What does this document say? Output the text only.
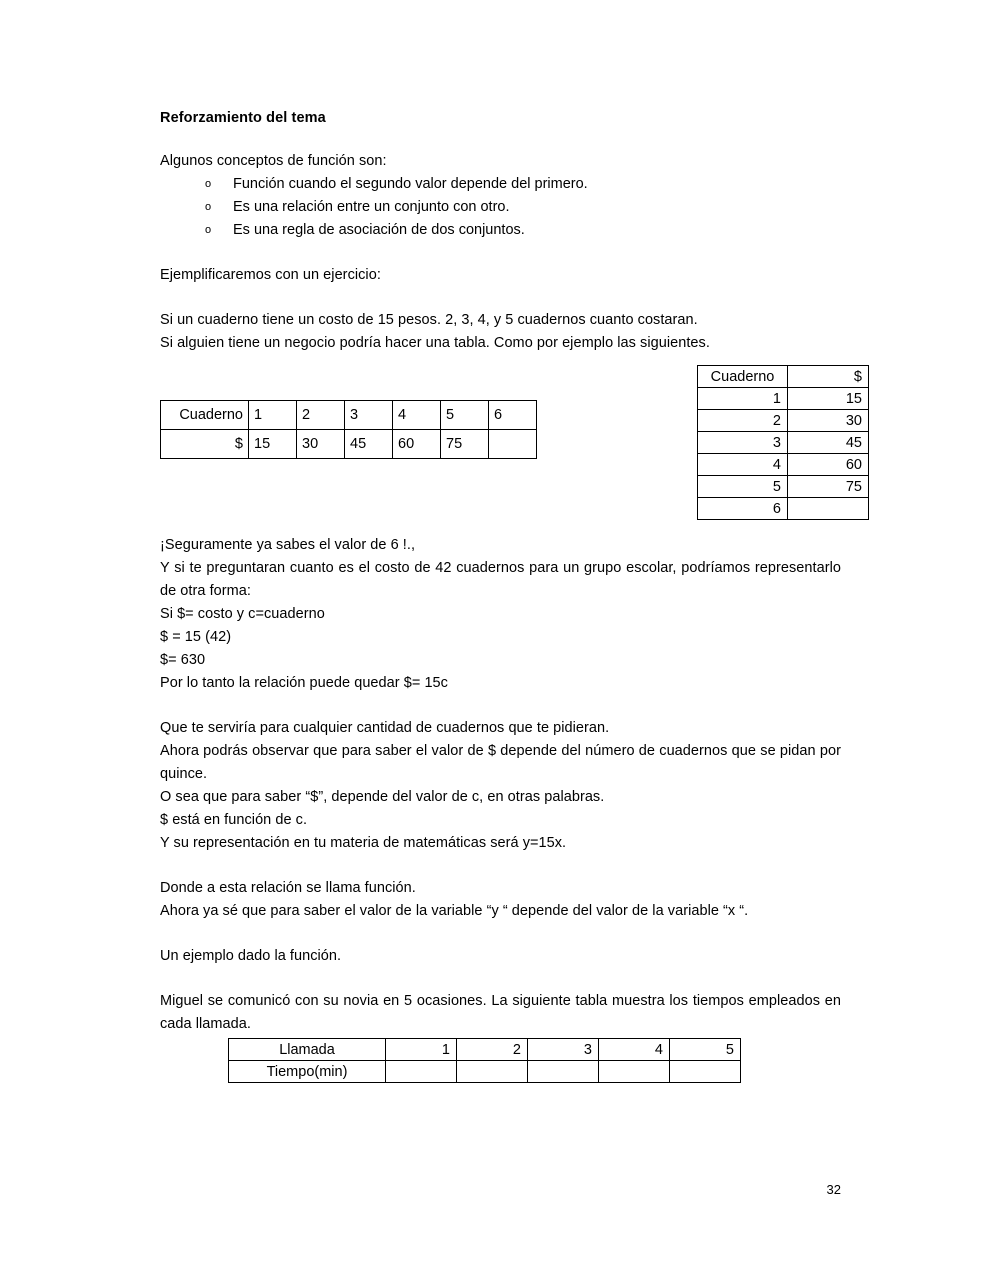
Reforzamiento del tema

Algunos conceptos de función son:

o Función cuando el segundo valor depende del primero.
o Es una relación entre un conjunto con otro.
o Es una regla de asociación de dos conjuntos.

Ejemplificaremos con un ejercicio:

Si un cuaderno tiene un costo de 15 pesos. 2, 3, 4, y 5 cuadernos cuanto costaran.

Si alguien tiene un negocio podría hacer una tabla. Como por ejemplo las siguientes.

¡Seguramente ya sabes el valor de 6 !.,

Y si te preguntaran cuanto es el costo de 42 cuadernos para un grupo escolar, podríamos representarlo de otra forma:

Si $= costo y c=cuaderno

$ = 15 (42)

$= 630

Por lo tanto la relación puede quedar $= 15c

Que te serviría para cualquier cantidad de cuadernos que te pidieran.

Ahora podrás observar que para saber el valor de $ depende del número de cuadernos que se pidan por quince.

O sea que para saber “$”, depende del valor de c, en otras palabras.

$ está en función de c.

Y su representación en tu materia de matemáticas será y=15x.

Donde a esta relación se llama función.

Ahora ya sé que para saber el valor de la variable “y “ depende del valor de la variable “x “.

Un ejemplo dado la función.

Miguel se comunicó con su novia en 5 ocasiones. La siguiente tabla muestra los tiempos empleados en cada llamada.

Cuaderno	1	2	3	4	5	6
$	15	30	45	60	75	
Cuaderno	$
1	15
2	30
3	45
4	60
5	75
6	
Llamada	1	2	3	4	5
Tiempo(min)					
32
